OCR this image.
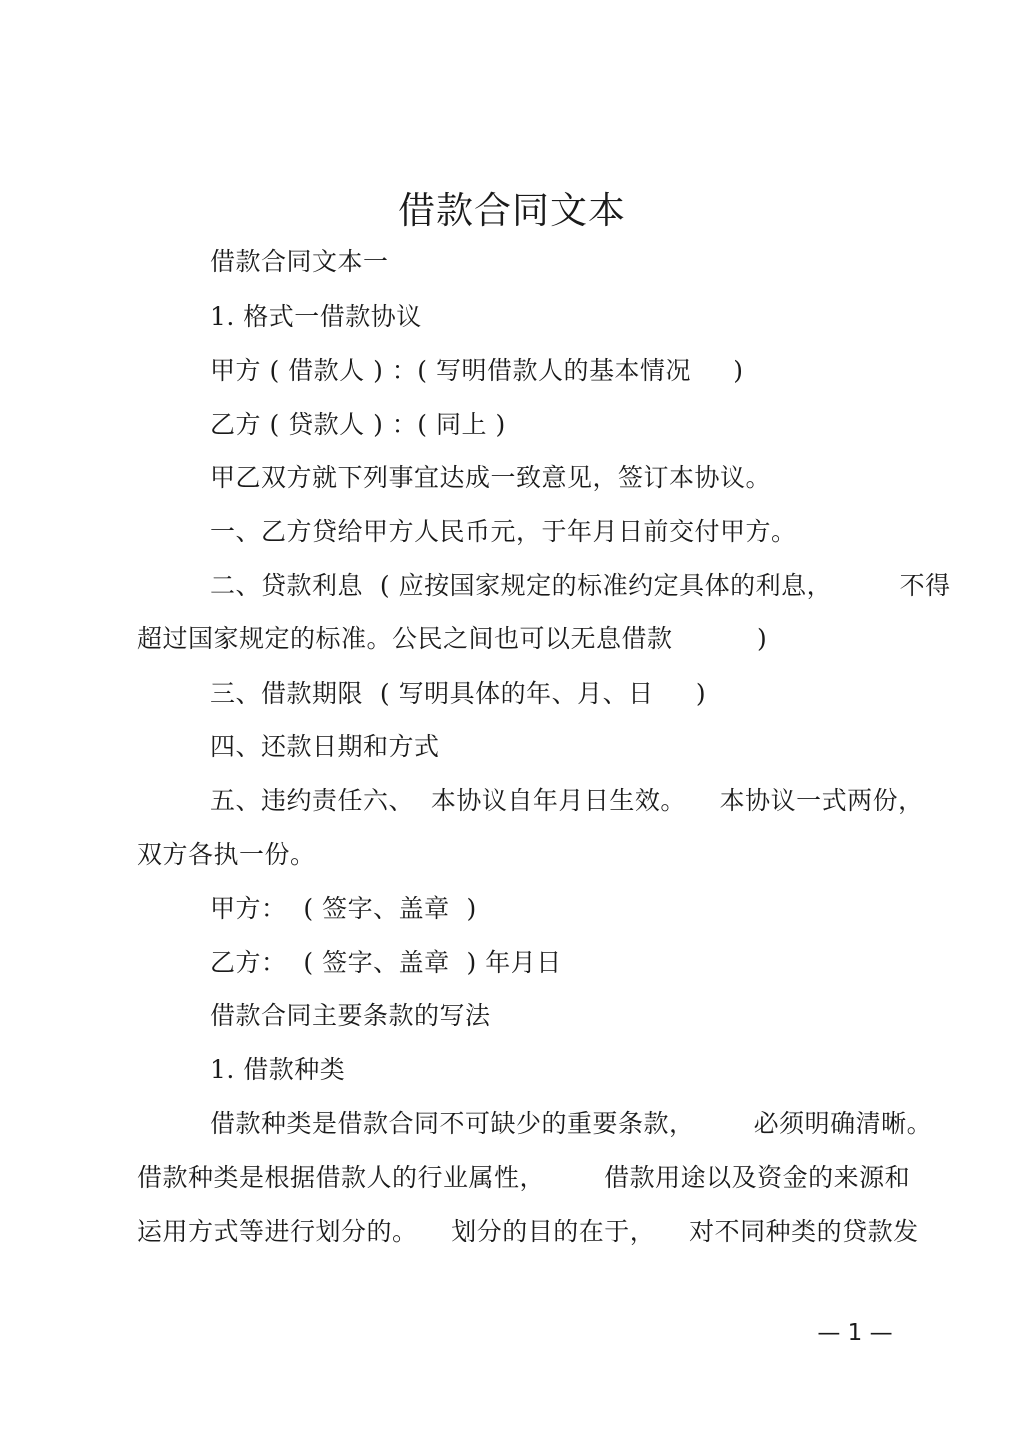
借款合同文本
借款合同文本一
1. 格式一借款协议
甲方 ( 借款人 ) ：( 写明借款人的基本情况     )
乙方 ( 贷款人 ) ：( 同上 )
甲乙双方就下列事宜达成一致意见，签订本协议。
一、乙方贷给甲方人民币元，于年月日前交付甲方。
二、贷款利息  ( 应按国家规定的标准约定具体的利息，        不得
超过国家规定的标准。公民之间也可以无息借款          )
三、借款期限  ( 写明具体的年、月、日     )
四、还款日期和方式
五、违约责任六、  本协议自年月日生效。    本协议一式两份，
双方各执一份。
甲方：  ( 签字、盖章  )
乙方：  ( 签字、盖章  ) 年月日
借款合同主要条款的写法
1. 借款种类
借款种类是借款合同不可缺少的重要条款，       必须明确清晰。
借款种类是根据借款人的行业属性，       借款用途以及资金的来源和
运用方式等进行划分的。    划分的目的在于，    对不同种类的贷款发
— 1 —
